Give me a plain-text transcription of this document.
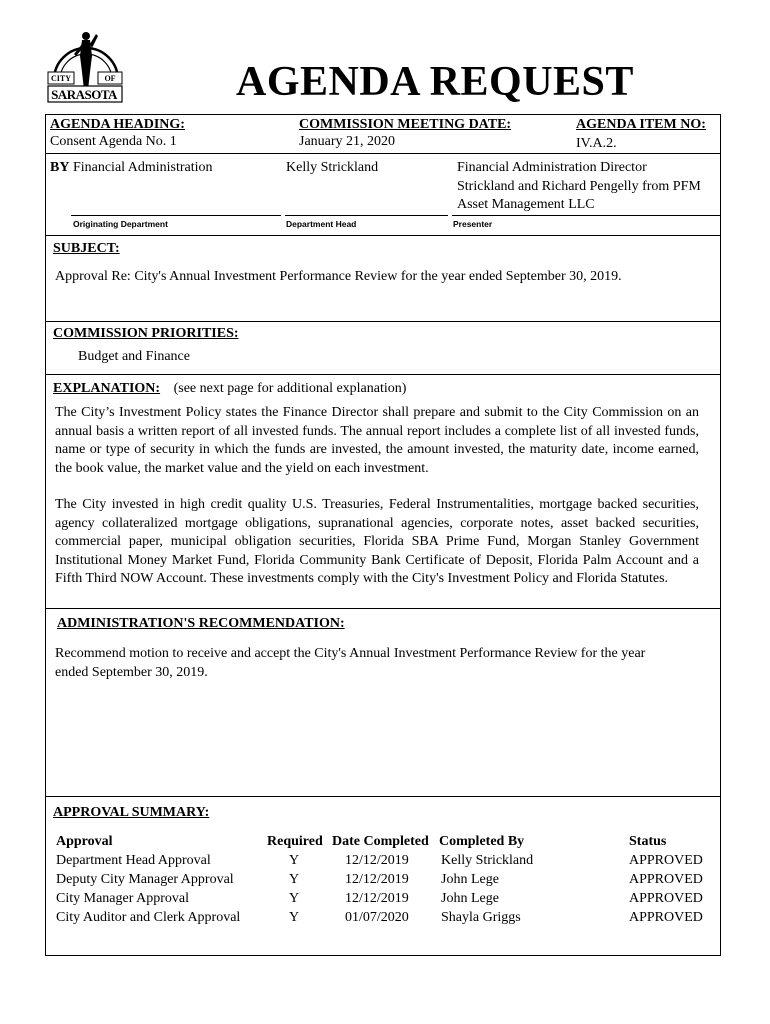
CITY	OF
SARASOTA	AGENDA REQUEST
AGENDA HEADING:
Consent Agenda No. 1
COMMISSION MEETING DATE:
January 21, 2020
AGENDA ITEM NO:
IV.A.2.
BY Financial Administration	Kelly Strickland	Financial Administration Director
Strickland and Richard Pengelly from PFM
Asset Management LLC
Originating Department	Department Head	Presenter
SUBJECT:
Approval Re: City's Annual Investment Performance Review for the year ended September 30, 2019.
COMMISSION PRIORITIES:
Budget and Finance
EXPLANATION: (see next page for additional explanation)
The City’s Investment Policy states the Finance Director shall prepare and submit to the City Commission on an annual basis a written report of all invested funds. The annual report includes a complete list of all invested funds, name or type of security in which the funds are invested, the amount invested, the maturity date, income earned, the book value, the market value and the yield on each investment.
The City invested in high credit quality U.S. Treasuries, Federal Instrumentalities, mortgage backed securities, agency collateralized mortgage obligations, supranational agencies, corporate notes, asset backed securities, commercial paper, municipal obligation securities, Florida SBA Prime Fund, Morgan Stanley Government Institutional Money Market Fund, Florida Community Bank Certificate of Deposit, Florida Palm Account and a Fifth Third NOW Account. These investments comply with the City's Investment Policy and Florida Statutes.
ADMINISTRATION'S RECOMMENDATION:
Recommend motion to receive and accept the City's Annual Investment Performance Review for the year
ended September 30, 2019.
APPROVAL SUMMARY:
Approval	Required	Date Completed	Completed By	Status
Department Head Approval	Y	12/12/2019	Kelly Strickland	APPROVED
Deputy City Manager Approval	Y	12/12/2019	John Lege	APPROVED
City Manager Approval	Y	12/12/2019	John Lege	APPROVED
City Auditor and Clerk Approval	Y	01/07/2020	Shayla Griggs	APPROVED
